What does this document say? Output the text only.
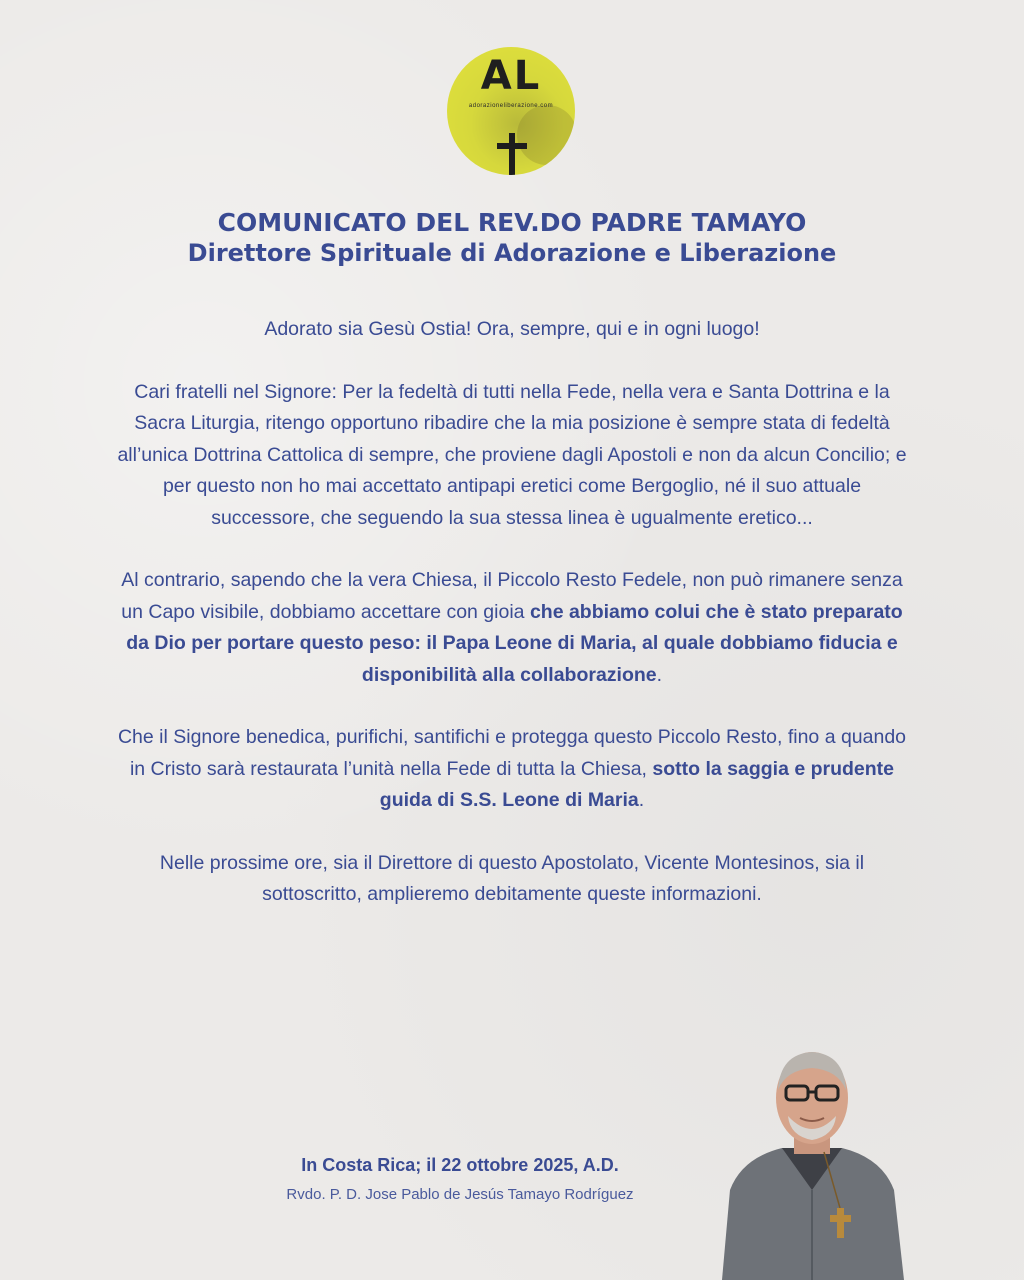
AL
adorazioneliberazione.com
COMUNICATO DEL REV.DO PADRE TAMAYO
Direttore Spirituale di Adorazione e Liberazione

Adorato sia Gesù Ostia! Ora, sempre, qui e in ogni luogo!

Cari fratelli nel Signore: Per la fedeltà di tutti nella Fede, nella vera e Santa Dottrina e la Sacra Liturgia, ritengo opportuno ribadire che la mia posizione è sempre stata di fedeltà all’unica Dottrina Cattolica di sempre, che proviene dagli Apostoli e non da alcun Concilio; e per questo non ho mai accettato antipapi eretici come Bergoglio, né il suo attuale successore, che seguendo la sua stessa linea è ugualmente eretico...

Al contrario, sapendo che la vera Chiesa, il Piccolo Resto Fedele, non può rimanere senza un Capo visibile, dobbiamo accettare con gioia che abbiamo colui che è stato preparato da Dio per portare questo peso: il Papa Leone di Maria, al quale dobbiamo fiducia e disponibilità alla collaborazione.

Che il Signore benedica, purifichi, santifichi e protegga questo Piccolo Resto, fino a quando in Cristo sarà restaurata l’unità nella Fede di tutta la Chiesa, sotto la saggia e prudente guida di S.S. Leone di Maria.

Nelle prossime ore, sia il Direttore di questo Apostolato, Vicente Montesinos, sia il sottoscritto, amplieremo debitamente queste informazioni.

In Costa Rica; il 22 ottobre 2025, A.D.
Rvdo. P. D. Jose Pablo de Jesús Tamayo Rodríguez
